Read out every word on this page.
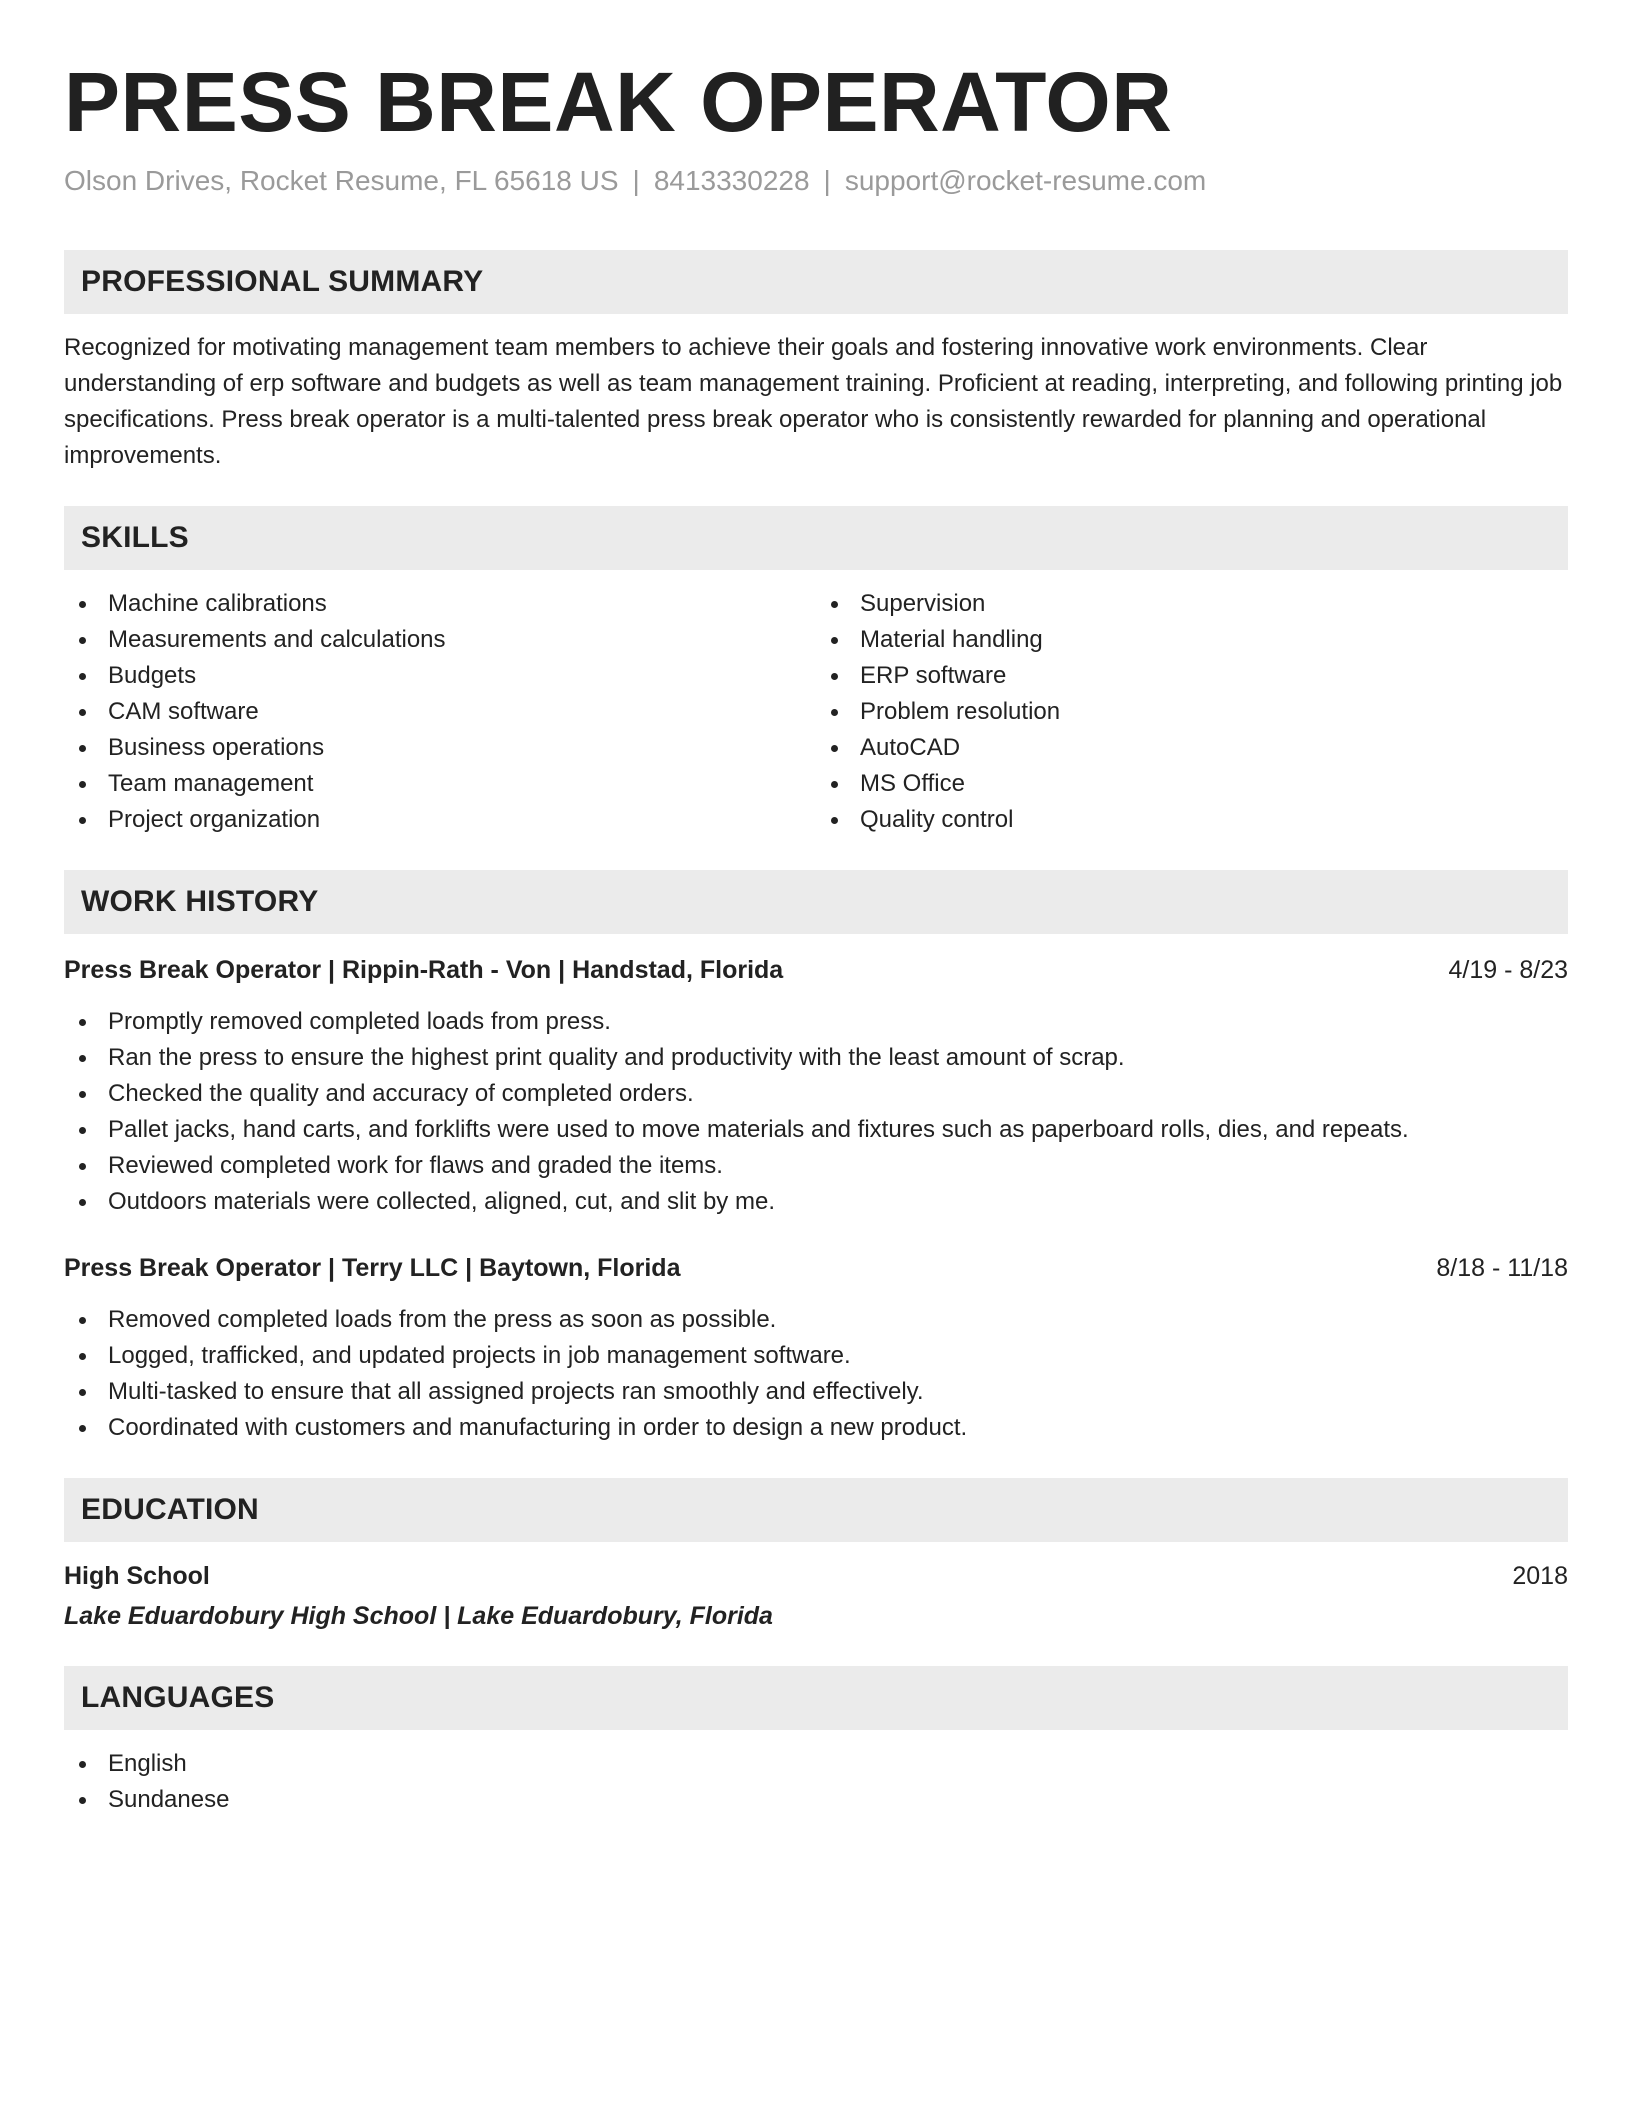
PRESS BREAK OPERATOR
Olson Drives, Rocket Resume, FL 65618 US | 8413330228 | support@rocket-resume.com
PROFESSIONAL SUMMARY

Recognized for motivating management team members to achieve their goals and fostering innovative work environments. Clear understanding of erp software and budgets as well as team management training. Proficient at reading, interpreting, and following printing job specifications. Press break operator is a multi-talented press break operator who is consistently rewarded for planning and operational improvements.

SKILLS
Machine calibrations
Measurements and calculations
Budgets
CAM software
Business operations
Team management
Project organization
Supervision
Material handling
ERP software
Problem resolution
AutoCAD
MS Office
Quality control
WORK HISTORY
Press Break Operator | Rippin-Rath - Von | Handstad, Florida	4/19 - 8/23
Promptly removed completed loads from press.
Ran the press to ensure the highest print quality and productivity with the least amount of scrap.
Checked the quality and accuracy of completed orders.
Pallet jacks, hand carts, and forklifts were used to move materials and fixtures such as paperboard rolls, dies, and repeats.
Reviewed completed work for flaws and graded the items.
Outdoors materials were collected, aligned, cut, and slit by me.
Press Break Operator | Terry LLC | Baytown, Florida	8/18 - 11/18
Removed completed loads from the press as soon as possible.
Logged, trafficked, and updated projects in job management software.
Multi-tasked to ensure that all assigned projects ran smoothly and effectively.
Coordinated with customers and manufacturing in order to design a new product.
EDUCATION
High School	2018
Lake Eduardobury High School | Lake Eduardobury, Florida
LANGUAGES
English
Sundanese
